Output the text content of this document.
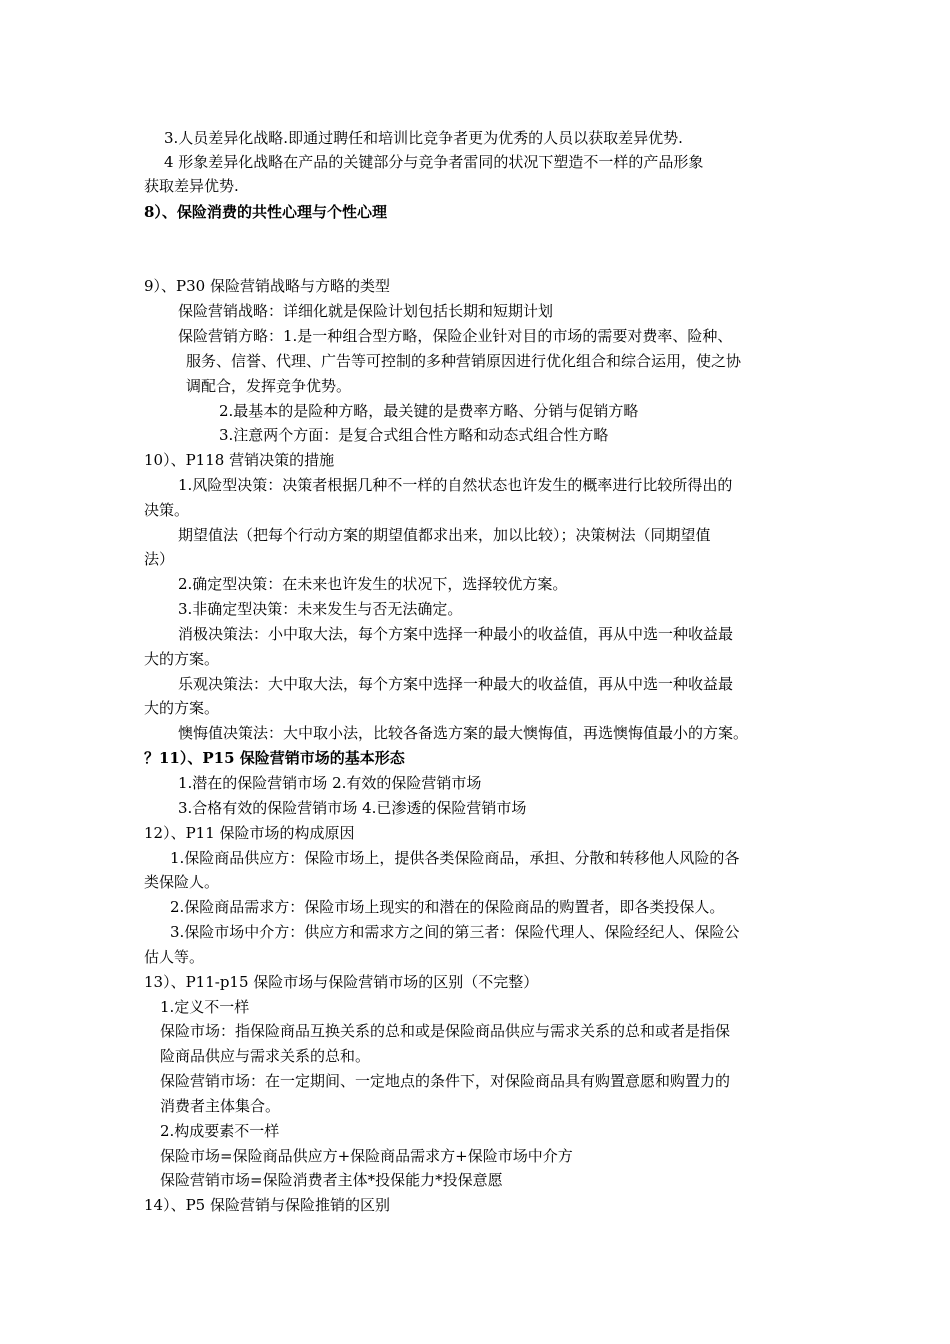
3.人员差异化战略.即通过聘任和培训比竞争者更为优秀的人员以获取差异优势.
4 形象差异化战略在产品的关键部分与竞争者雷同的状况下塑造不一样的产品形象
获取差异优势.
8）、保险消费的共性心理与个性心理
9）、P30 保险营销战略与方略的类型
保险营销战略：详细化就是保险计划包括长期和短期计划
保险营销方略：1.是一种组合型方略，保险企业针对目的市场的需要对费率、险种、
服务、信誉、代理、广告等可控制的多种营销原因进行优化组合和综合运用，使之协
调配合，发挥竞争优势。
2.最基本的是险种方略，最关键的是费率方略、分销与促销方略
3.注意两个方面：是复合式组合性方略和动态式组合性方略
10）、P118 营销决策的措施
1.风险型决策：决策者根据几种不一样的自然状态也许发生的概率进行比较所得出的
决策。
期望值法（把每个行动方案的期望值都求出来，加以比较）；决策树法（同期望值
法）
2.确定型决策：在未来也许发生的状况下，选择较优方案。
3.非确定型决策：未来发生与否无法确定。
消极决策法：小中取大法，每个方案中选择一种最小的收益值，再从中选一种收益最
大的方案。
乐观决策法：大中取大法，每个方案中选择一种最大的收益值，再从中选一种收益最
大的方案。
懊悔值决策法：大中取小法，比较各备选方案的最大懊悔值，再选懊悔值最小的方案。
？11）、P15 保险营销市场的基本形态
1.潜在的保险营销市场 2.有效的保险营销市场
3.合格有效的保险营销市场 4.已渗透的保险营销市场
12）、P11 保险市场的构成原因
1.保险商品供应方：保险市场上，提供各类保险商品，承担、分散和转移他人风险的各
类保险人。
2.保险商品需求方：保险市场上现实的和潜在的保险商品的购置者，即各类投保人。
3.保险市场中介方：供应方和需求方之间的第三者：保险代理人、保险经纪人、保险公
估人等。
13）、P11-p15 保险市场与保险营销市场的区别（不完整）
1.定义不一样
保险市场：指保险商品互换关系的总和或是保险商品供应与需求关系的总和或者是指保
险商品供应与需求关系的总和。
保险营销市场：在一定期间、一定地点的条件下，对保险商品具有购置意愿和购置力的
消费者主体集合。
2.构成要素不一样
保险市场=保险商品供应方+保险商品需求方+保险市场中介方
保险营销市场=保险消费者主体*投保能力*投保意愿
14）、P5 保险营销与保险推销的区别
